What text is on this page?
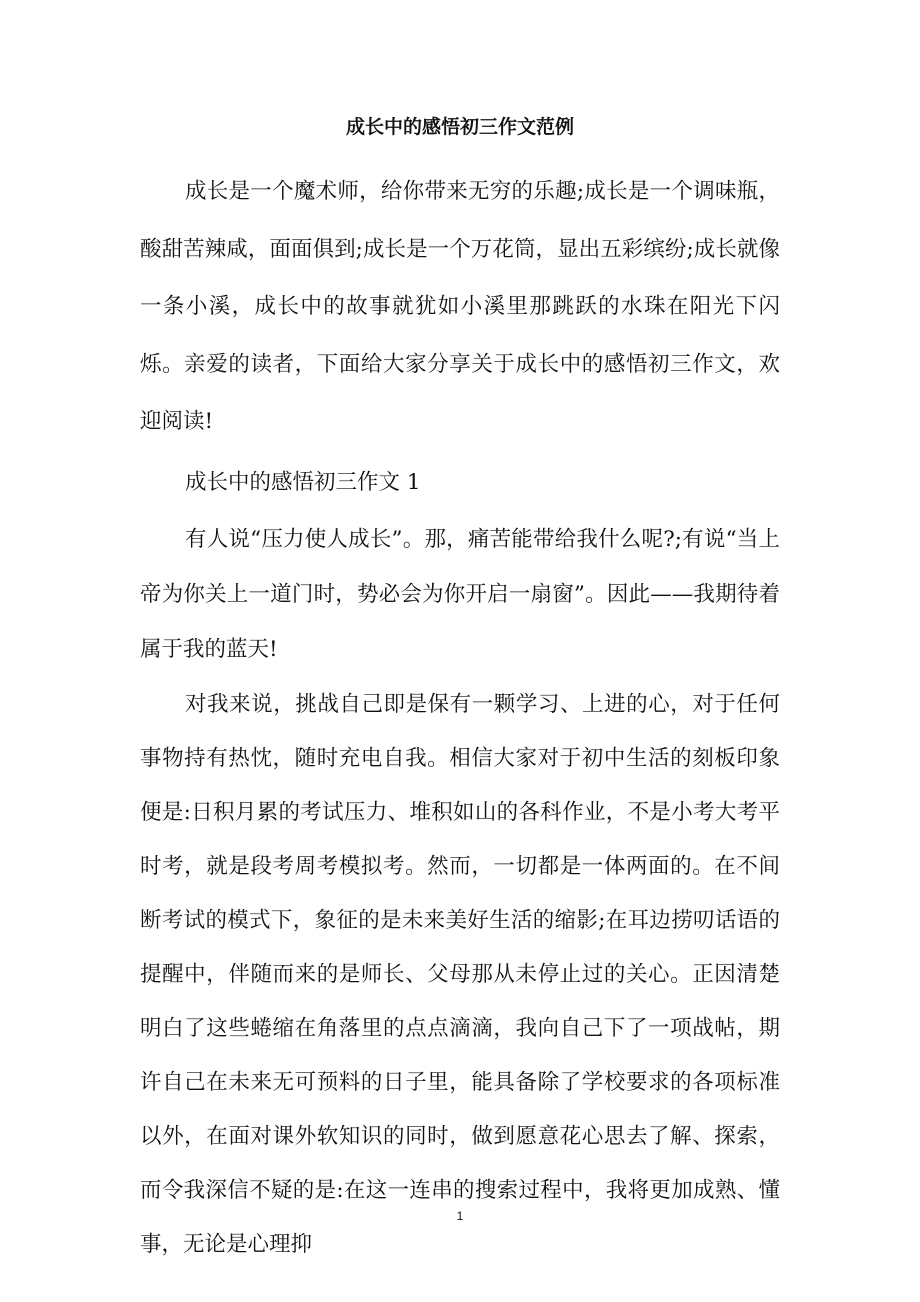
成长中的感悟初三作文范例

成长是一个魔术师，给你带来无穷的乐趣;成长是一个调味瓶，酸甜苦辣咸，面面俱到;成长是一个万花筒，显出五彩缤纷;成长就像一条小溪，成长中的故事就犹如小溪里那跳跃的水珠在阳光下闪烁。亲爱的读者，下面给大家分享关于成长中的感悟初三作文，欢迎阅读!

成长中的感悟初三作文 1

有人说“压力使人成长”。那，痛苦能带给我什么呢?;有说“当上帝为你关上一道门时，势必会为你开启一扇窗”。因此——我期待着属于我的蓝天!

对我来说，挑战自己即是保有一颗学习、上进的心，对于任何事物持有热忱，随时充电自我。相信大家对于初中生活的刻板印象便是:日积月累的考试压力、堆积如山的各科作业，不是小考大考平时考，就是段考周考模拟考。然而，一切都是一体两面的。在不间断考试的模式下，象征的是未来美好生活的缩影;在耳边捞叨话语的提醒中，伴随而来的是师长、父母那从未停止过的关心。正因清楚明白了这些蜷缩在角落里的点点滴滴，我向自己下了一项战帖，期许自己在未来无可预料的日子里，能具备除了学校要求的各项标准以外，在面对课外软知识的同时，做到愿意花心思去了解、探索，而令我深信不疑的是:在这一连串的搜索过程中，我将更加成熟、懂事，无论是心理抑

1
